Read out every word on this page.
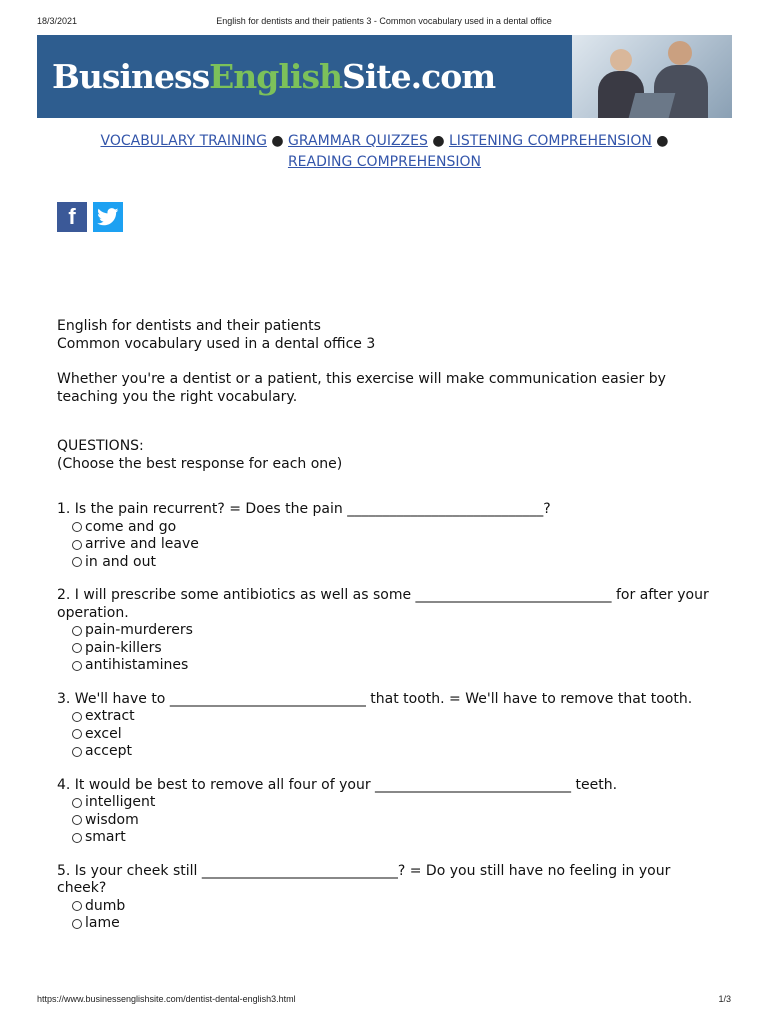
18/3/2021	English for dentists and their patients 3 - Common vocabulary used in a dental office
BusinessEnglishSite.com
VOCABULARY TRAINING ● GRAMMAR QUIZZES ● LISTENING COMPREHENSION ●
READING COMPREHENSION
f

English for dentists and their patients

Common vocabulary used in a dental office 3

Whether you're a dentist or a patient, this exercise will make communication easier by teaching you the right vocabulary.

QUESTIONS:

(Choose the best response for each one)

1. Is the pain recurrent? = Does the pain ____________________________?

come and go
arrive and leave
in and out

2. I will prescribe some antibiotics as well as some ____________________________ for after your operation.

pain-murderers
pain-killers
antihistamines

3. We'll have to ____________________________ that tooth. = We'll have to remove that tooth.

extract
excel
accept

4. It would be best to remove all four of your ____________________________ teeth.

intelligent
wisdom
smart

5. Is your cheek still ____________________________? = Do you still have no feeling in your cheek?

dumb
lame
https://www.businessenglishsite.com/dentist-dental-english3.html	1/3
